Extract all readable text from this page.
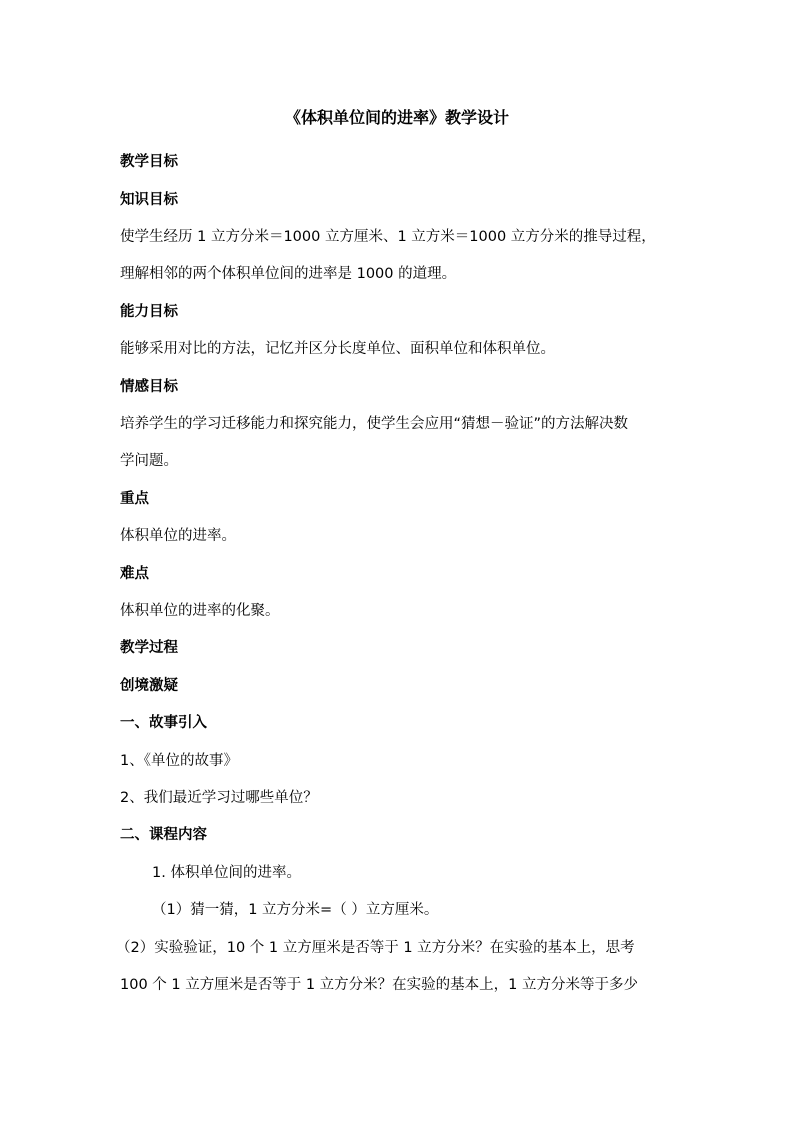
《体积单位间的进率》教学设计
教学目标
知识目标
使学生经历 1 立方分米＝1000 立方厘米、1 立方米＝1000 立方分米的推导过程，
理解相邻的两个体积单位间的进率是 1000 的道理。
能力目标
能够采用对比的方法，记忆并区分长度单位、面积单位和体积单位。
情感目标
培养学生的学习迁移能力和探究能力，使学生会应用“猜想－验证”的方法解决数
学问题。
重点
体积单位的进率。
难点
体积单位的进率的化聚。
教学过程
创境激疑
一、故事引入
1、《单位的故事》
2、我们最近学习过哪些单位？
二、课程内容
1. 体积单位间的进率。
（1）猜一猜，1 立方分米=（ ）立方厘米。
（2）实验验证，10 个 1 立方厘米是否等于 1 立方分米？在实验的基本上，思考
100 个 1 立方厘米是否等于 1 立方分米？在实验的基本上，1 立方分米等于多少
